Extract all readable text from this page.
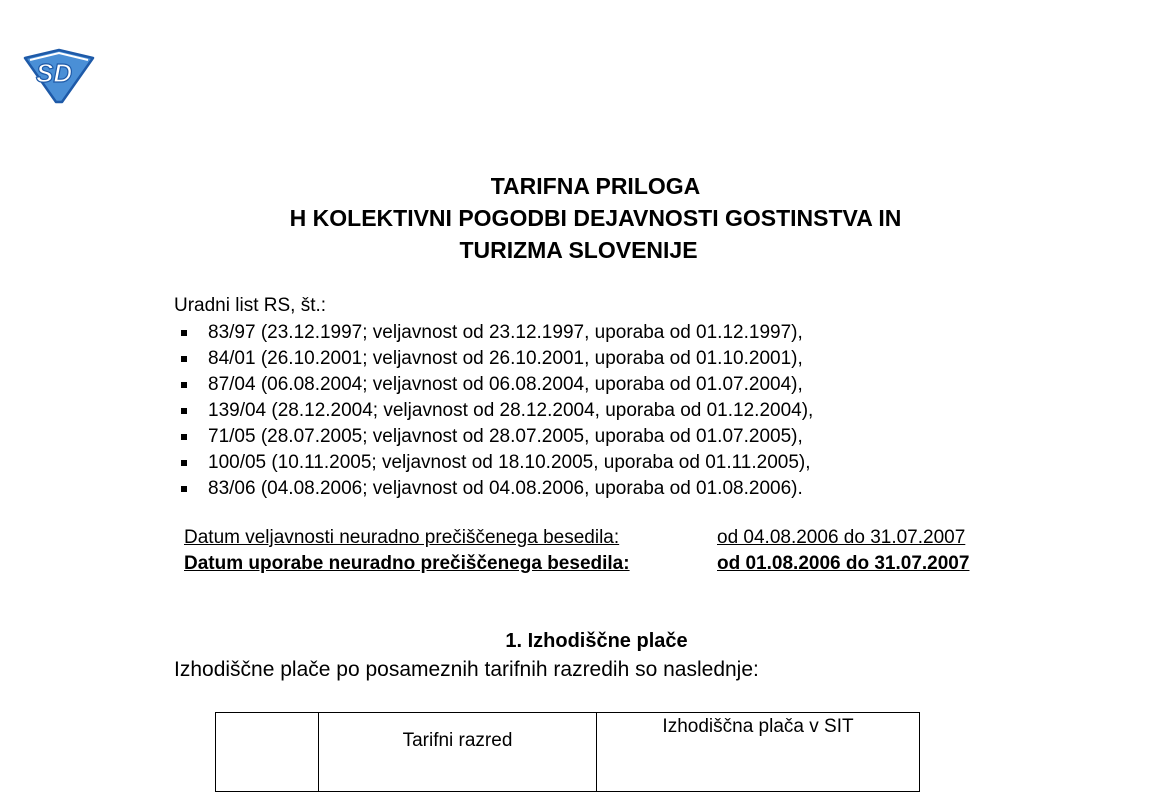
SD
TARIFNA PRILOGA
H KOLEKTIVNI POGODBI DEJAVNOSTI GOSTINSTVA IN
TURIZMA SLOVENIJE
Uradni list RS, št.:
83/97 (23.12.1997; veljavnost od 23.12.1997, uporaba od 01.12.1997),
84/01 (26.10.2001; veljavnost od 26.10.2001, uporaba od 01.10.2001),
87/04 (06.08.2004; veljavnost od 06.08.2004, uporaba od 01.07.2004),
139/04 (28.12.2004; veljavnost od 28.12.2004, uporaba od 01.12.2004),
71/05 (28.07.2005; veljavnost od 28.07.2005, uporaba od 01.07.2005),
100/05 (10.11.2005; veljavnost od 18.10.2005, uporaba od 01.11.2005),
83/06 (04.08.2006; veljavnost od 04.08.2006, uporaba od 01.08.2006).
Datum veljavnosti neuradno prečiščenega besedila:	od 04.08.2006 do 31.07.2007
Datum uporabe neuradno prečiščenega besedila:	od 01.08.2006 do 31.07.2007
1. Izhodiščne plače
Izhodiščne plače po posameznih tarifnih razredih so naslednje:
	Tarifni razred	Izhodiščna plača v SIT
